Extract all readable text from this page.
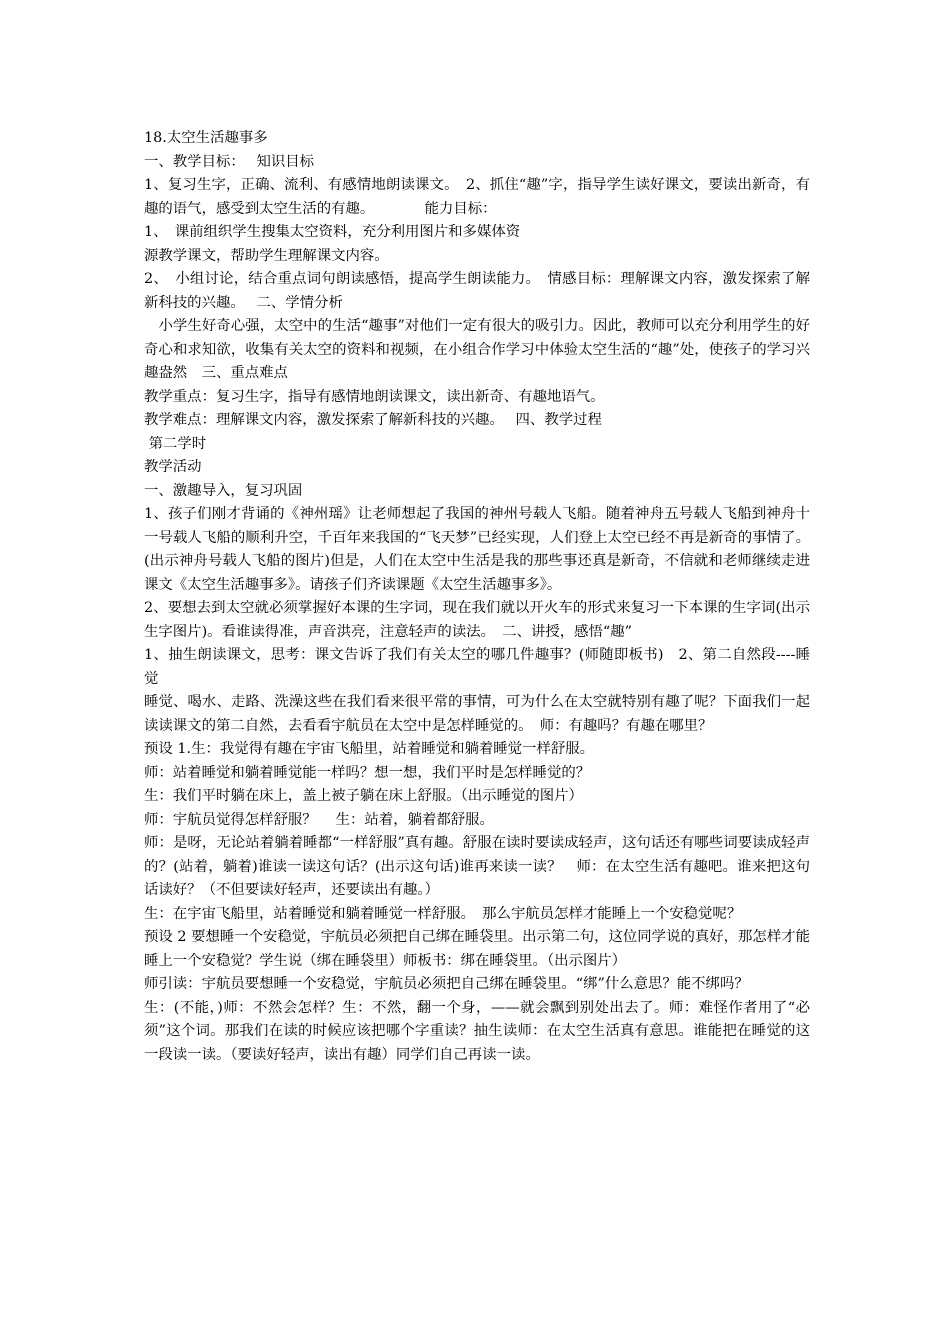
18.太空生活趣事多

一、教学目标：　 知识目标

1、复习生字，正确、流利、有感情地朗读课文。　2、抓住“趣”字，指导学生读好课文，要读出新奇，有趣的语气，感受到太空生活的有趣。　　　　能力目标：

1、　课前组织学生搜集太空资料，充分利用图片和多媒体资

源教学课文，帮助学生理解课文内容。

2、　小组讨论，结合重点词句朗读感悟，提高学生朗读能力。　情感目标：理解课文内容，激发探索了解新科技的兴趣。　 二、学情分析

　小学生好奇心强，太空中的生活“趣事”对他们一定有很大的吸引力。因此，教师可以充分利用学生的好奇心和求知欲，收集有关太空的资料和视频，在小组合作学习中体验太空生活的“趣”处，使孩子的学习兴趣盎然　三、重点难点

教学重点：复习生字，指导有感情地朗读课文，读出新奇、有趣地语气。

教学难点：理解课文内容，激发探索了解新科技的兴趣。　 四、教学过程

第二学时

教学活动

一、激趣导入，复习巩固

1、孩子们刚才背诵的《神州瑶》让老师想起了我国的神州号载人飞船。随着神舟五号载人飞船到神舟十一号载人飞船的顺利升空，千百年来我国的“飞天梦”已经实现，人们登上太空已经不再是新奇的事情了。(出示神舟号载人飞船的图片)但是，人们在太空中生活是我的那些事还真是新奇，不信就和老师继续走进课文《太空生活趣事多》。请孩子们齐读课题《太空生活趣事多》。

2、要想去到太空就必须掌握好本课的生字词，现在我们就以开火车的形式来复习一下本课的生字词(出示生字图片)。看谁读得准，声音洪亮，注意轻声的读法。　二、讲授，感悟“趣”

1、抽生朗读课文，思考：课文告诉了我们有关太空的哪几件趣事？(师随即板书)　2、第二自然段----睡觉

睡觉、喝水、走路、洗澡这些在我们看来很平常的事情，可为什么在太空就特别有趣了呢？下面我们一起读读课文的第二自然，去看看宇航员在太空中是怎样睡觉的。　师：有趣吗？有趣在哪里？

预设 1.生：我觉得有趣在宇宙飞船里，站着睡觉和躺着睡觉一样舒服。

师：站着睡觉和躺着睡觉能一样吗？想一想，我们平时是怎样睡觉的？

生：我们平时躺在床上，盖上被子躺在床上舒服。（出示睡觉的图片）

师：宇航员觉得怎样舒服？　 生：站着，躺着都舒服。

师：是呀，无论站着躺着睡都“一样舒服”真有趣。舒服在读时要读成轻声，这句话还有哪些词要读成轻声的？(站着，躺着)谁读一读这句话？(出示这句话)谁再来读一读？　师：在太空生活有趣吧。谁来把这句话读好？（不但要读好轻声，还要读出有趣。）

生：在宇宙飞船里，站着睡觉和躺着睡觉一样舒服。　那么宇航员怎样才能睡上一个安稳觉呢？

预设 2 要想睡一个安稳觉，宇航员必须把自己绑在睡袋里。出示第二句，这位同学说的真好，那怎样才能睡上一个安稳觉？学生说（绑在睡袋里）师板书：绑在睡袋里。（出示图片）

师引读：宇航员要想睡一个安稳觉，宇航员必须把自己绑在睡袋里。“绑”什么意思？能不绑吗？

生：(不能，)师：不然会怎样？生：不然，翻一个身，——就会飘到别处出去了。师：难怪作者用了“必须”这个词。那我们在读的时候应该把哪个字重读？抽生读师：在太空生活真有意思。谁能把在睡觉的这一段读一读。（要读好轻声，读出有趣）同学们自己再读一读。
